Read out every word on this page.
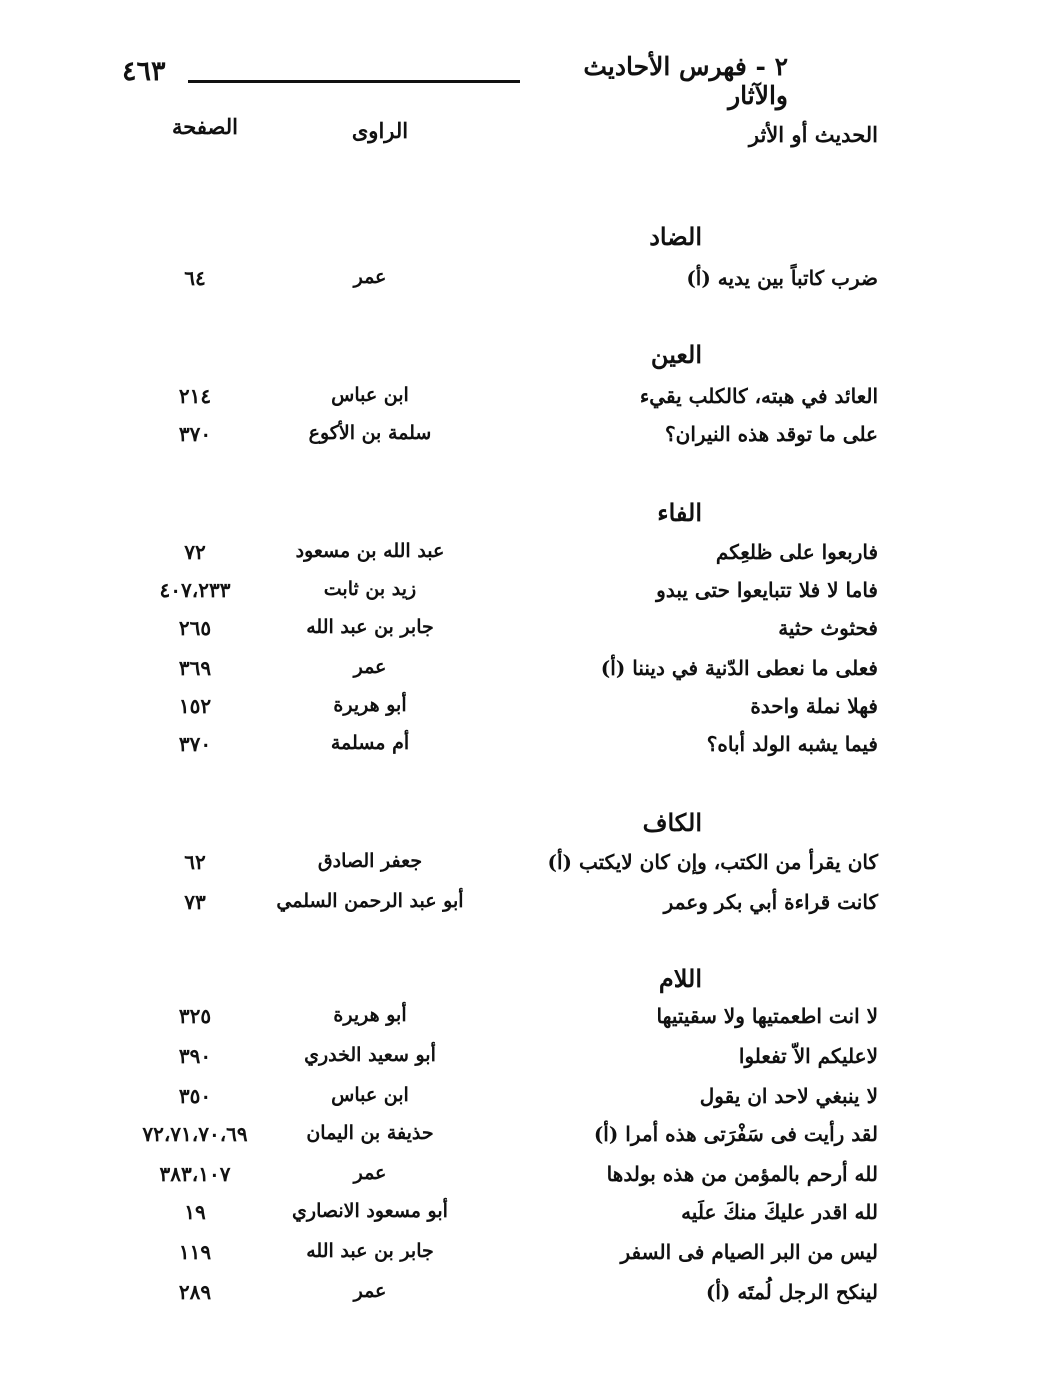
٤٦٣	٢ - فهرس الأحاديث والآثار
الحديث أو الأثر
الراوى
الصفحة
الضاد
ضرب كاتباً بين يديه (أ)
عمر
٦٤
العين
العائد في هبته، كالكلب يقيء
ابن عباس
٢١٤
على ما توقد هذه النيران؟
سلمة بن الأكوع
٣٧٠
الفاء
فاربعوا على ظلعِكم
عبد الله بن مسعود
٧٢
فاما لا فلا تتبايعوا حتى يبدو
زيد بن ثابت
٤٠٧،٢٣٣
فحثوث حثية
جابر بن عبد الله
٢٦٥
فعلى ما نعطى الدّنية في ديننا (أ)
عمر
٣٦٩
فهلا نملة واحدة
أبو هريرة
١٥٢
فيما يشبه الولد أباه؟
أم مسلمة
٣٧٠
الكاف
كان يقرأ من الكتب، وإن كان لايكتب (أ)
جعفر الصادق
٦٢
كانت قراءة أبي بكر وعمر
أبو عبد الرحمن السلمي
٧٣
اللام
لا انت اطعمتيها ولا سقيتيها
أبو هريرة
٣٢٥
لاعليكم الاّ تفعلوا
أبو سعيد الخدري
٣٩٠
لا ينبغي لاحد ان يقول
ابن عباس
٣٥٠
لقد رأيت فى سَفْرَتى هذه أمرا (أ)
حذيفة بن اليمان
٧٢،٧١،٧٠،٦٩
لله أرحم بالمؤمن من هذه بولدها
عمر
٣٨٣،١٠٧
لله اقدر عليكَ منكَ علَيه
أبو مسعود الانصاري
١٩
ليس من البر الصيام فى السفر
جابر بن عبد الله
١١٩
لينكح الرجل لُمتَه (أ)
عمر
٢٨٩
